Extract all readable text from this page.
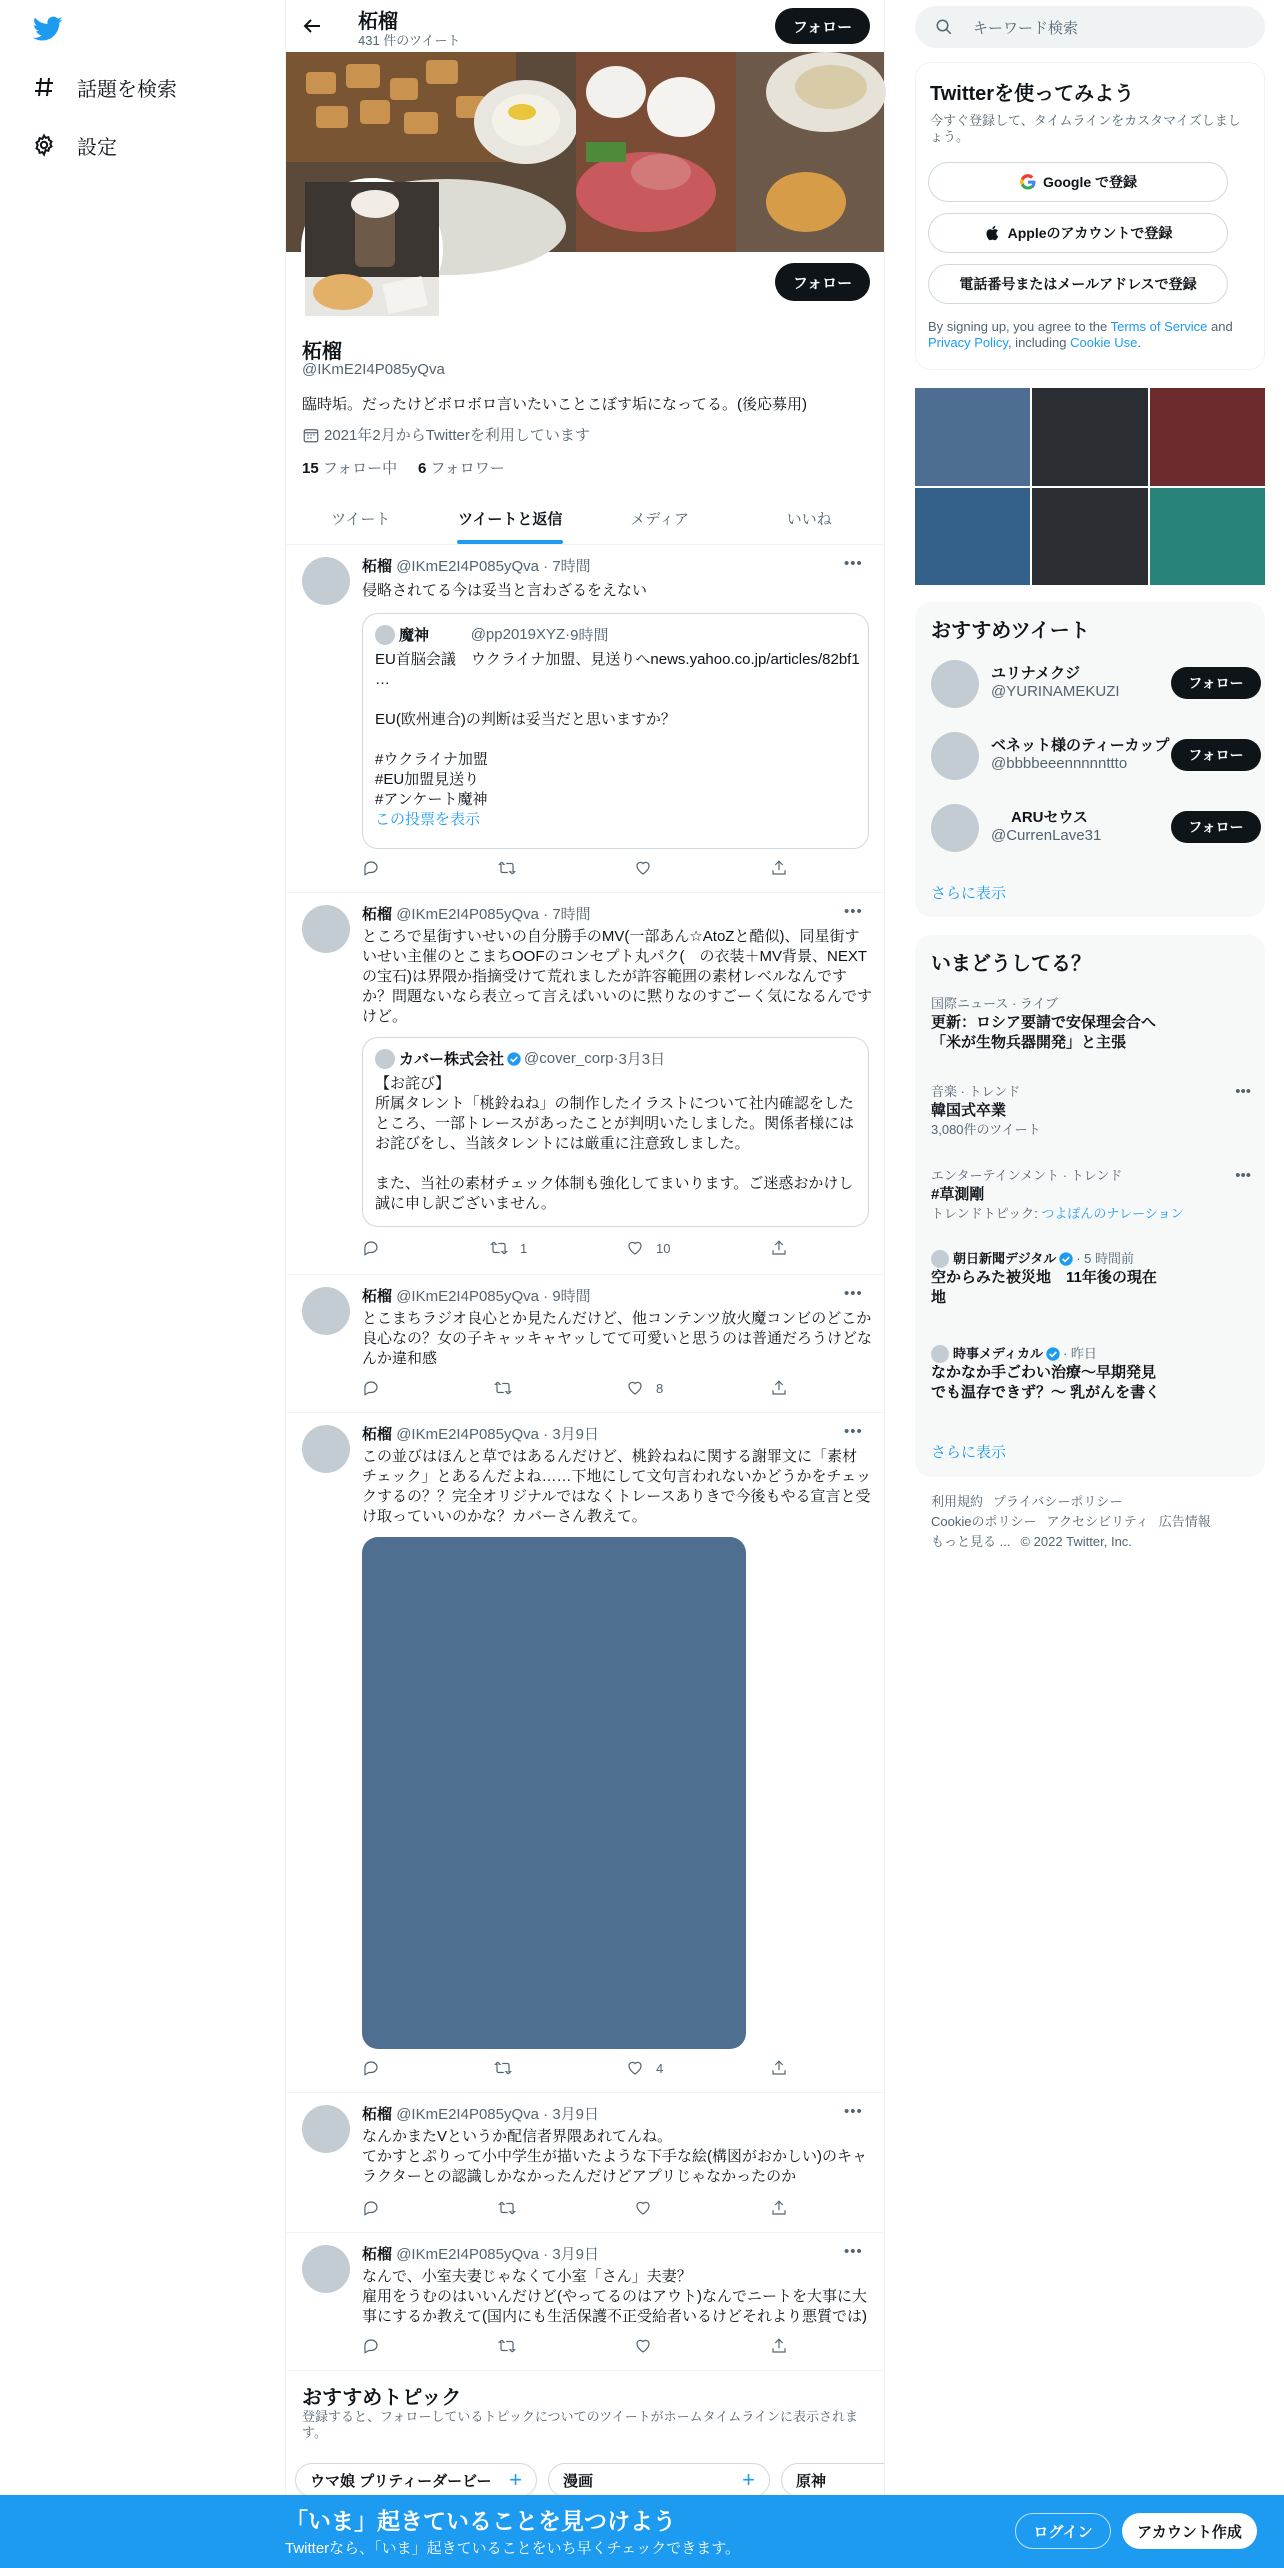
話題を検索
設定
柘榴
431 件のツイート
フォロー
フォロー
柘榴
@IKmE2I4P085yQva
臨時垢。だったけどボロボロ言いたいことこぼす垢になってる。(後応募用)
2021年2月からTwitterを利用しています
15 フォロー中 6 フォロワー
ツイート	ツイートと返信	メディア	いいね
柘榴 @IKmE2I4P085yQva · 7時間	•••
侵略されてる今は妥当と言わざるをえない
魔神
	@pp2019XYZ · 9時間
EU首脳会議　ウクライナ加盟、見送りへnews.yahoo.co.jp/articles/82bf1
…

EU(欧州連合)の判断は妥当だと思いますか？

#ウクライナ加盟
#EU加盟見送り
#アンケート魔神
この投票を表示
柘榴 @IKmE2I4P085yQva · 7時間	•••
ところで星街すいせいの自分勝手のMV(一部あん☆AtoZと酷似)、同星街すいせい主催のとこまちOOFのコンセプト丸パク(　の衣装＋MV背景、NEXT　 の宝石)は界隈か指摘受けて荒れましたが許容範囲の素材レベルなんですか？問題ないなら表立って言えばいいのに黙りなのすごーく気になるんですけど。
カバー株式会社 @cover_corp · 3月3日
【お詫び】
所属タレント「桃鈴ねね」の制作したイラストについて社内確認をしたところ、一部トレースがあったことが判明いたしました。関係者様にはお詫びをし、当該タレントには厳重に注意致しました。

また、当社の素材チェック体制も強化してまいります。ご迷惑おかけし誠に申し訳ございません。
1	10
柘榴 @IKmE2I4P085yQva · 9時間	•••
とこまちラジオ良心とか見たんだけど、他コンテンツ放火魔コンビのどこか良心なの？女の子キャッキャヤッしてて可愛いと思うのは普通だろうけどなんか違和感
8
柘榴 @IKmE2I4P085yQva · 3月9日	•••
この並びはほんと草ではあるんだけど、桃鈴ねねに関する謝罪文に「素材チェック」とあるんだよね……下地にして文句言われないかどうかをチェックするの？？完全オリジナルではなくトレースありきで今後もやる宣言と受け取っていいのかな？カバーさん教えて。
4
柘榴 @IKmE2I4P085yQva · 3月9日	•••
なんかまたVというか配信者界隈あれてんね。
てかすとぷりって小中学生が描いたような下手な絵(構図がおかしい)のキャラクターとの認識しかなかったんだけどアプリじゃなかったのか
柘榴 @IKmE2I4P085yQva · 3月9日	•••
なんで、小室夫妻じゃなくて小室「さん」夫妻？
雇用をうむのはいいんだけど(やってるのはアウト)なんでニートを大事に大事にするか教えて(国内にも生活保護不正受給者いるけどそれより悪質では)
おすすめトピック
登録すると、フォローしているトピックについてのツイートがホームタイムラインに表示されます。
ウマ娘 プリティーダービー +	漫画	+	原神
キーワード検索
Twitterを使ってみよう
今すぐ登録して、タイムラインをカスタマイズしましょう。
Google で登録
Appleのアカウントで登録
電話番号またはメールアドレスで登録
By signing up, you agree to the Terms of Service and Privacy Policy, including Cookie Use.
おすすめツイート
ユリナメクジ
@YURINAMEKUZI	フォロー
ベネット様のティーカップ
@bbbbeeennnnnttto	フォロー
ARUセウス
@CurrenLave31	フォロー
さらに表示
いまどうしてる？
国際ニュース · ライブ
更新：ロシア要請で安保理会合へ
「米が生物兵器開発」と主張
音楽 · トレンド
韓国式卒業
3,080件のツイート
•••
エンターテインメント · トレンド
#草測剛
トレンドトピック: つよぽんのナレーション
•••
朝日新聞デジタル · 5 時間前
空からみた被災地　11年後の現在
地
時事メディカル · 昨日
なかなか手ごわい治療～早期発見
でも温存できず？～ 乳がんを書く
さらに表示
利用規約 プライバシーポリシー
Cookieのポリシー アクセシビリティ 広告情報
もっと見る ... © 2022 Twitter, Inc.
「いま」起きていることを見つけよう
Twitterなら、「いま」起きていることをいち早くチェックできます。
ログイン	アカウント作成
